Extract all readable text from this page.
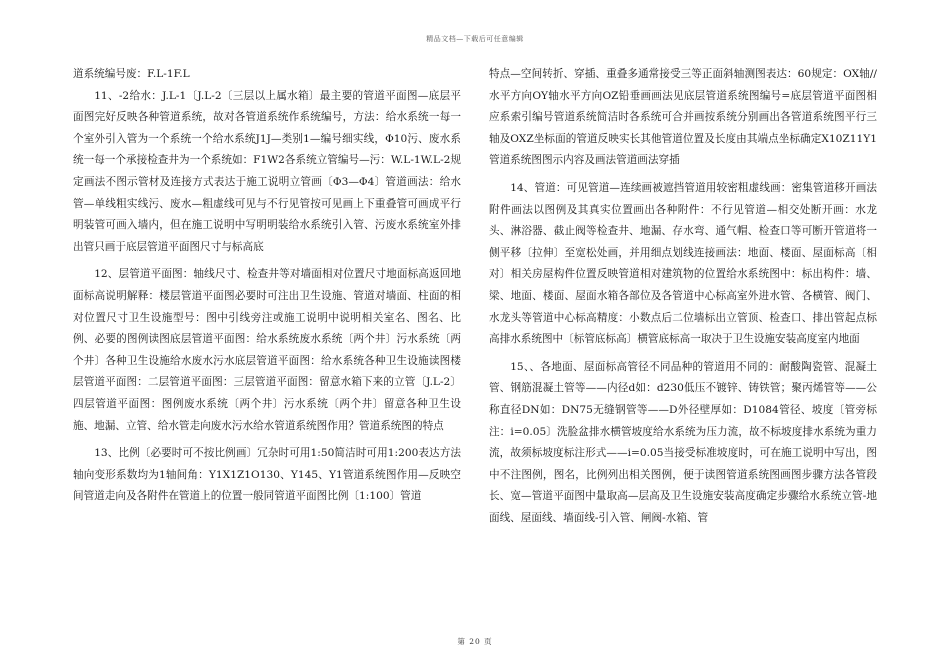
精品文档—下载后可任意编辑

道系统编号废：F.L-1F.L

11、-2给水：J.L-1〔J.L-2〔三层以上属水箱〕最主要的管道平面图—底层平面图完好反映各种管道系统，故对各管道系统作系统编号，方法：给水系统一每一个室外引入管为一个系统一个给水系统J1J—类别1—编号细实线，Φ10污、废水系统一每一个承接检查井为一个系统如：F1W2各系统立管编号—污：W.L-1W.L-2规定画法不图示管材及连接方式表达于施工说明立管画〔Φ3—Φ4〕管道画法：给水管—单线粗实线污、废水—粗虚线可见与不行见管按可见画上下重叠管可画成平行明装管可画入墙内，但在施工说明中写明明装给水系统引入管、污废水系统室外排出管只画于底层管道平面图尺寸与标高底

12、层管道平面图：轴线尺寸、检查井等对墙面相对位置尺寸地面标高返回地面标高说明解释：楼层管道平面图必要时可注出卫生设施、管道对墙面、柱面的相对位置尺寸卫生设施型号：图中引线旁注或施工说明中说明相关室名、图名、比例、必要的图例读图底层管道平面图：给水系统废水系统〔两个井〕污水系统〔两个井〕各种卫生设施给水废水污水底层管道平面图：给水系统各种卫生设施读图楼层管道平面图：二层管道平面图：三层管道平面图：留意水箱下来的立管〔J.L-2〕四层管道平面图：图例废水系统〔两个井〕污水系统〔两个井〕留意各种卫生设施、地漏、立管、给水管走向废水污水给水管道系统图作用？管道系统图的特点

13、比例〔必要时可不按比例画〕冗杂时可用1:50简洁时可用1:200表达方法轴向变形系数均为1轴间角：Y1X1Z1O130、Y145、Y1管道系统图作用—反映空间管道走向及各附件在管道上的位置一般同管道平面图比例〔1:100〕管道

特点—空间转折、穿插、重叠多通常接受三等正面斜轴测图表达：60规定：OX轴//水平方向OY轴水平方向OZ铅垂画画法见底层管道系统图编号=底层管道平面图相应系索引编号管道系统简洁时各系统可合并画按系统分别画出各管道系统图平行三轴及OXZ坐标面的管道反映实长其他管道位置及长度由其端点坐标确定X10Z11Y1管道系统图图示内容及画法管道画法穿插

14、管道：可见管道—连续画被遮挡管道用较密粗虚线画：密集管道移开画法附件画法以图例及其真实位置画出各种附件：不行见管道—相交处断开画：水龙头、淋浴器、截止阀等检查井、地漏、存水弯、通气帽、检查口等可断开管道将一侧平移〔拉伸〕至宽松处画，并用细点划线连接画法：地面、楼面、屋面标高〔相对〕相关房屋构件位置反映管道相对建筑物的位置给水系统图中：标出构件：墙、梁、地面、楼面、屋面水箱各部位及各管道中心标高室外进水管、各横管、阀门、水龙头等管道中心标高精度：小数点后二位墙标出立管顶、检查口、排出管起点标高排水系统图中〔标管底标高〕横管底标高一取决于卫生设施安装高度室内地面

15、、各地面、屋面标高管径不同品种的管道用不同的：耐酸陶瓷管、混凝土管、钢筋混凝土管等——内径d如：d230低压不镀锌、铸铁管；聚丙烯管等——公称直径DN如：DN75无缝钢管等——D外径壁厚如：D1084管径、坡度〔管旁标注：i=0.05〕洗脸盆排水横管坡度给水系统为压力流，故不标坡度排水系统为重力流，故须标坡度标注形式——i=0.05当接受标准坡度时，可在施工说明中写出，图中不注图例，图名，比例列出相关图例，便于读图管道系统图画图步骤方法各管段长、宽—管道平面图中量取高—层高及卫生设施安装高度确定步骤给水系统立管-地面线、屋面线、墙面线-引入管、闸阀-水箱、管

第 20 页
